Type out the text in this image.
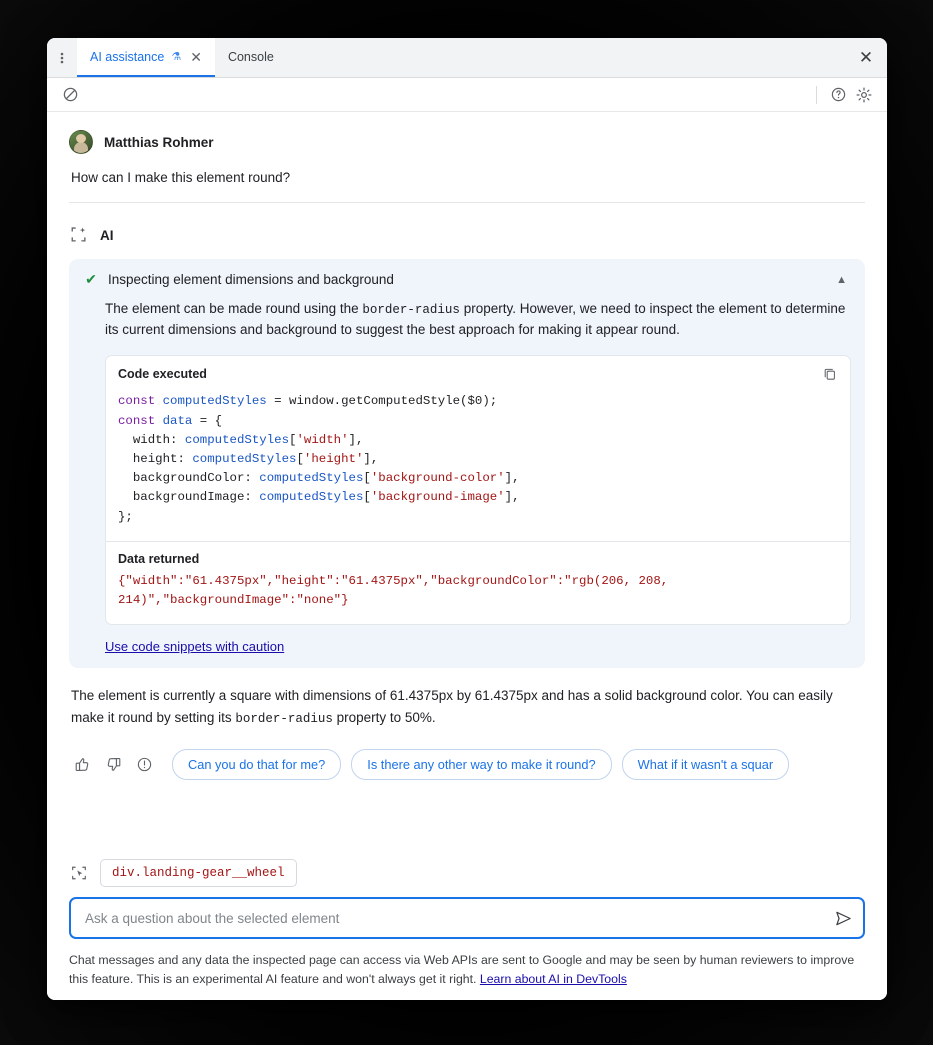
AI assistance ⚗ ✕ Console	✕
Matthias Rohmer
How can I make this element round?
AI
✔ Inspecting element dimensions and background	▲
The element can be made round using the border-radius property. However, we need to inspect the element to determine its current dimensions and background to suggest the best approach for making it appear round.
Code executed
const computedStyles = window.getComputedStyle($0);
const data = {
width: computedStyles['width'],
height: computedStyles['height'],
backgroundColor: computedStyles['background-color'],
backgroundImage: computedStyles['background-image'],
};
Data returned
{"width":"61.4375px","height":"61.4375px","backgroundColor":"rgb(206, 208, 214)","backgroundImage":"none"}
Use code snippets with caution
The element is currently a square with dimensions of 61.4375px by 61.4375px and has a solid background color. You can easily make it round by setting its border-radius property to 50%.
Can you do that for me?	Is there any other way to make it round?	What if it wasn't a squar
div.landing-gear__wheel
Ask a question about the selected element
Chat messages and any data the inspected page can access via Web APIs are sent to Google and may be seen by human reviewers to improve this feature. This is an experimental AI feature and won't always get it right. Learn about AI in DevTools
